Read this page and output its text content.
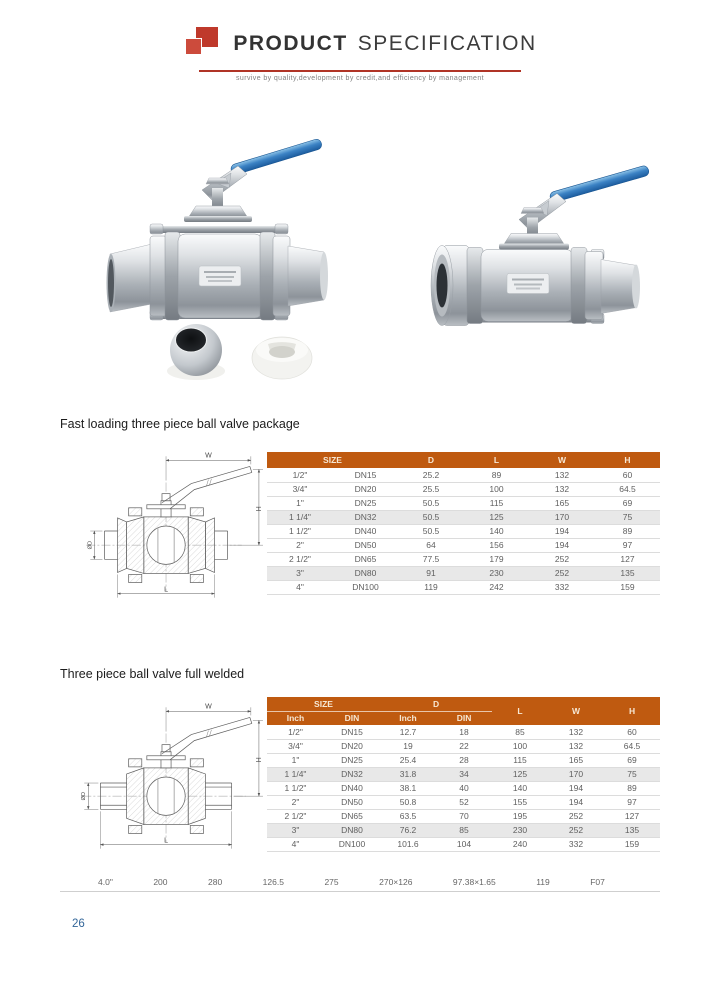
PRODUCT SPECIFICATION
survive by quality,development by credit,and efficiency by management
Fast loading three piece ball valve package
W
H
L
ØD
SIZE		D	L	W	H
1/2"	DN15	25.2	89	132	60
3/4"	DN20	25.5	100	132	64.5
1"	DN25	50.5	115	165	69
1 1/4"	DN32	50.5	125	170	75
1 1/2"	DN40	50.5	140	194	89
2"	DN50	64	156	194	97
2 1/2"	DN65	77.5	179	252	127
3"	DN80	91	230	252	135
4"	DN100	119	242	332	159
Three piece ball valve full welded
W
H
L
ØD
SIZE		D		L	W	H
Inch	DIN	Inch	DIN			
1/2"	DN15	12.7	18	85	132	60
3/4"	DN20	19	22	100	132	64.5
1"	DN25	25.4	28	115	165	69
1 1/4"	DN32	31.8	34	125	170	75
1 1/2"	DN40	38.1	40	140	194	89
2"	DN50	50.8	52	155	194	97
2 1/2"	DN65	63.5	70	195	252	127
3"	DN80	76.2	85	230	252	135
4"	DN100	101.6	104	240	332	159
4.0"	200	280	126.5	275	270×126	97.38×1.65	119	F07
26
